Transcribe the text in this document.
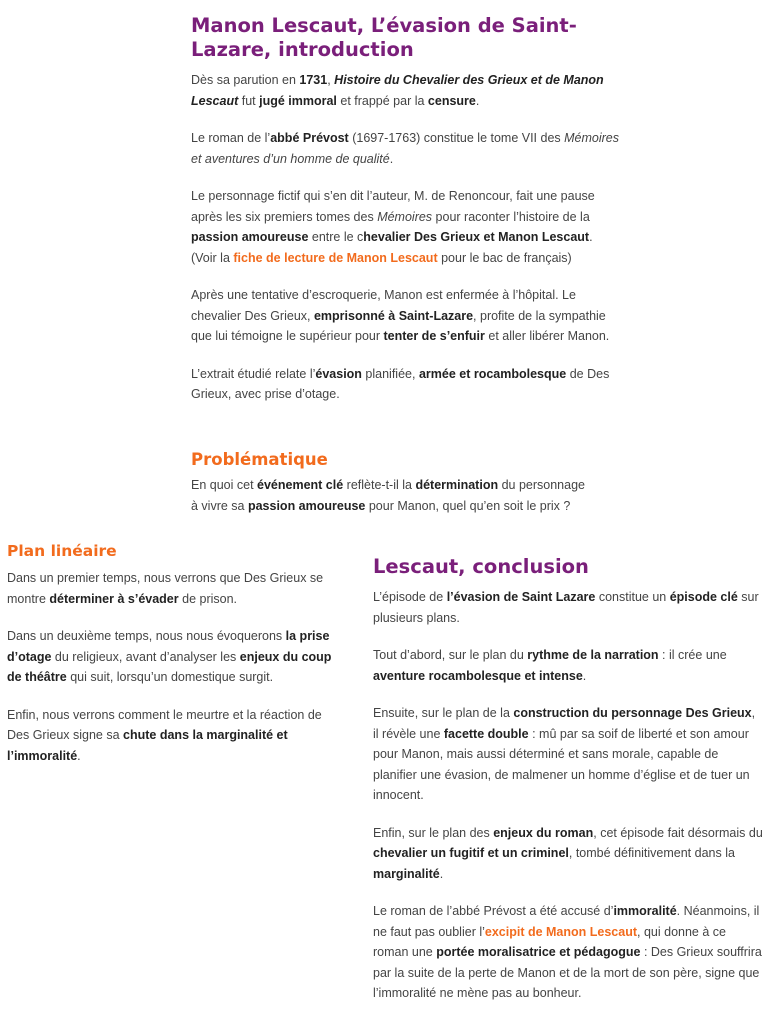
Manon Lescaut, L’évasion de Saint-Lazare, introduction

Dès sa parution en 1731, Histoire du Chevalier des Grieux et de Manon Lescaut fut jugé immoral et frappé par la censure.

Le roman de l’abbé Prévost (1697-1763) constitue le tome VII des Mémoires et aventures d’un homme de qualité.

Le personnage fictif qui s’en dit l’auteur, M. de Renoncour, fait une pause après les six premiers tomes des Mémoires pour raconter l’histoire de la passion amoureuse entre le chevalier Des Grieux et Manon Lescaut. (Voir la fiche de lecture de Manon Lescaut pour le bac de français)

Après une tentative d’escroquerie, Manon est enfermée à l’hôpital. Le chevalier Des Grieux, emprisonné à Saint-Lazare, profite de la sympathie que lui témoigne le supérieur pour tenter de s’enfuir et aller libérer Manon.

L’extrait étudié relate l’évasion planifiée, armée et rocambolesque de Des Grieux, avec prise d’otage.

Problématique

En quoi cet événement clé reflète-t-il la détermination du personnage à vivre sa passion amoureuse pour Manon, quel qu’en soit le prix ?

Plan linéaire

Dans un premier temps, nous verrons que Des Grieux se montre déterminer à s’évader de prison.

Dans un deuxième temps, nous nous évoquerons la prise d’otage du religieux, avant d’analyser les enjeux du coup de théâtre qui suit, lorsqu’un domestique surgit.

Enfin, nous verrons comment le meurtre et la réaction de Des Grieux signe sa chute dans la marginalité et l’immoralité.

Lescaut, conclusion

L’épisode de l’évasion de Saint Lazare constitue un épisode clé sur plusieurs plans.

Tout d’abord, sur le plan du rythme de la narration : il crée une aventure rocambolesque et intense.

Ensuite, sur le plan de la construction du personnage Des Grieux, il révèle une facette double : mû par sa soif de liberté et son amour pour Manon, mais aussi déterminé et sans morale, capable de planifier une évasion, de malmener un homme d’église et de tuer un innocent.

Enfin, sur le plan des enjeux du roman, cet épisode fait désormais du chevalier un fugitif et un criminel, tombé définitivement dans la marginalité.

Le roman de l’abbé Prévost a été accusé d’immoralité. Néanmoins, il ne faut pas oublier l’excipit de Manon Lescaut, qui donne à ce roman une portée moralisatrice et pédagogue : Des Grieux souffrira par la suite de la perte de Manon et de la mort de son père, signe que l’immoralité ne mène pas au bonheur.
